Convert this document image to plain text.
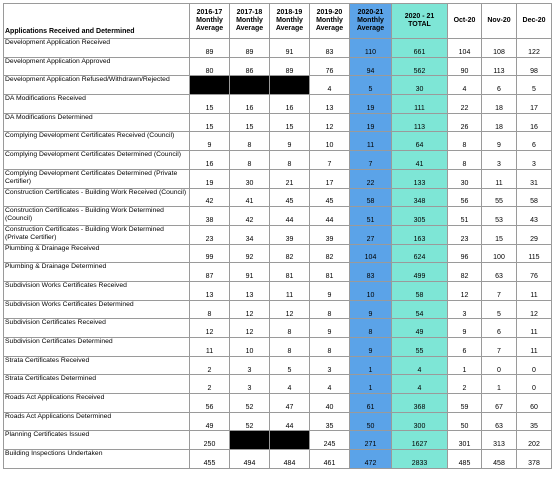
Applications Received and Determined	2016-17 Monthly Average	2017-18 Monthly Average	2018-19 Monthly Average	2019-20 Monthly Average	2020-21 Monthly Average	2020 - 21 TOTAL	Oct-20	Nov-20	Dec-20
Development Application Received	89	89	91	83	110	661	104	108	122
Development Application Approved	80	86	89	76	94	562	90	113	98
Development Application Refused/Withdrawn/Rejected				4	5	30	4	6	5
DA Modifications Received	15	16	16	13	19	111	22	18	17
DA Modifications Determined	15	15	15	12	19	113	26	18	16
Complying Development Certificates Received (Council)	9	8	9	10	11	64	8	9	6
Complying Development Certificates Determined (Council)	16	8	8	7	7	41	8	3	3
Complying Development Certificates Determined (Private Certifier)	19	30	21	17	22	133	30	11	31
Construction Certificates - Building Work Received (Council)	42	41	45	45	58	348	56	55	58
Construction Certificates - Building Work Determined (Council)	38	42	44	44	51	305	51	53	43
Construction Certificates - Building Work Determined (Private Certifier)	23	34	39	39	27	163	23	15	29
Plumbing & Drainage Received	99	92	82	82	104	624	96	100	115
Plumbing & Drainage Determined	87	91	81	81	83	499	82	63	76
Subdivision Works Certificates Received	13	13	11	9	10	58	12	7	11
Subdivision Works Certificates Determined	8	12	12	8	9	54	3	5	12
Subdivision Certificates Received	12	12	8	9	8	49	9	6	11
Subdivision Certificates Determined	11	10	8	8	9	55	6	7	11
Strata Certificates Received	2	3	5	3	1	4	1	0	0
Strata Certificates Determined	2	3	4	4	1	4	2	1	0
Roads Act Applications Received	56	52	47	40	61	368	59	67	60
Roads Act Applications Determined	49	52	44	35	50	300	50	63	35
Planning Certificates Issued	250			245	271	1627	301	313	202
Building Inspections Undertaken	455	494	484	461	472	2833	485	458	378
